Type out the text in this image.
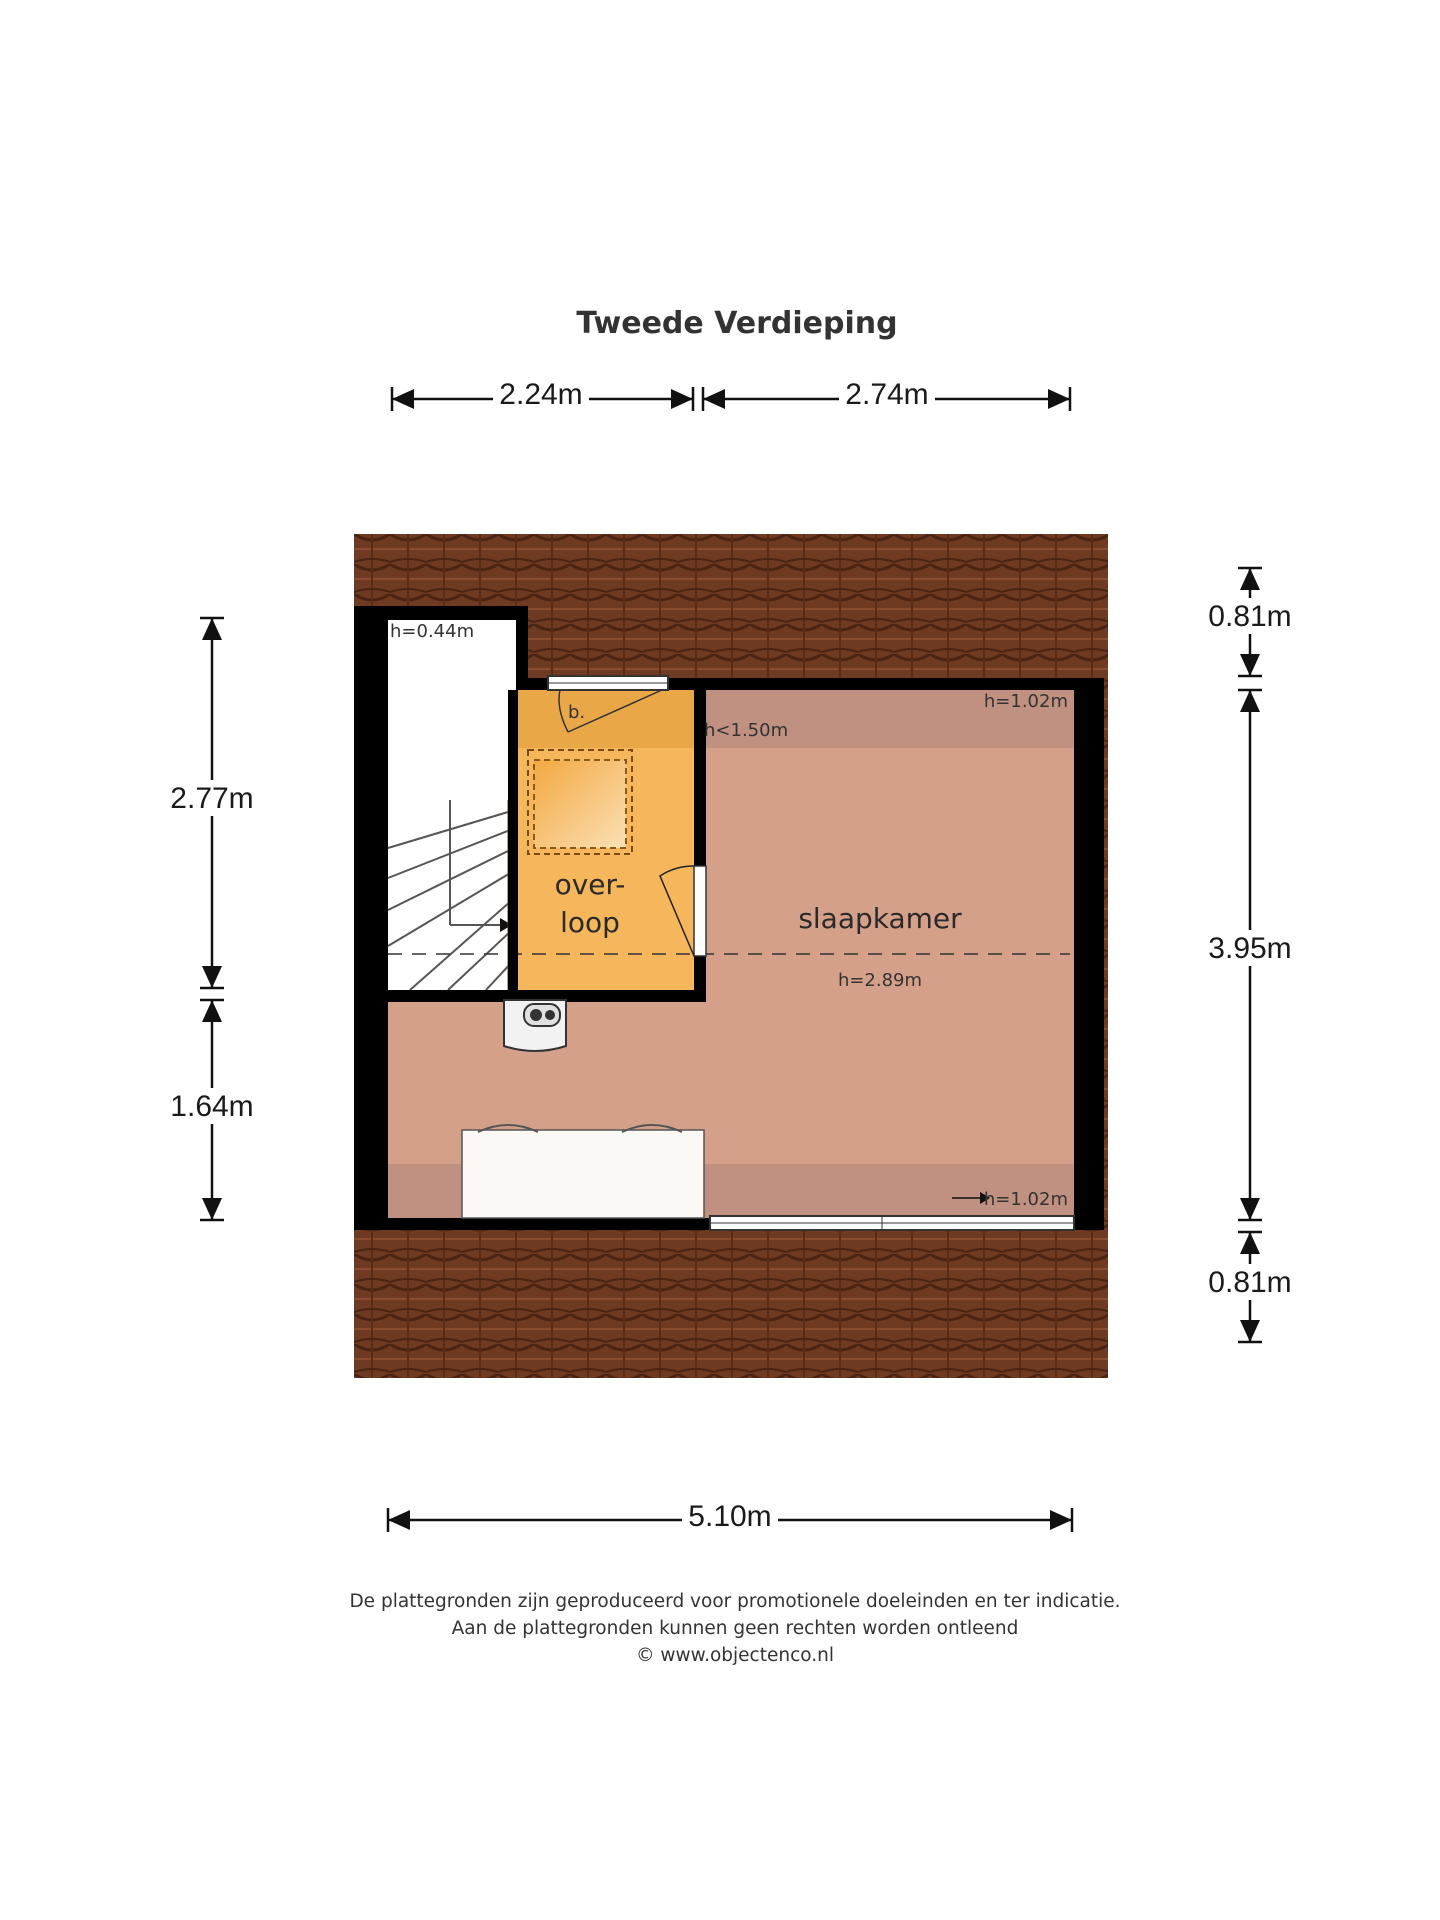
Tweede Verdieping
2.24m	2.74m
over-
loop	slaapkamer
h=0.44m
h=1.02m
h<1.50m
h=2.89m
h=1.02m
b.
2.77m
1.64m
0.81m
3.95m
0.81m
5.10m
De plattegronden zijn geproduceerd voor promotionele doeleinden en ter indicatie.
Aan de plattegronden kunnen geen rechten worden ontleend
© www.objectenco.nl
